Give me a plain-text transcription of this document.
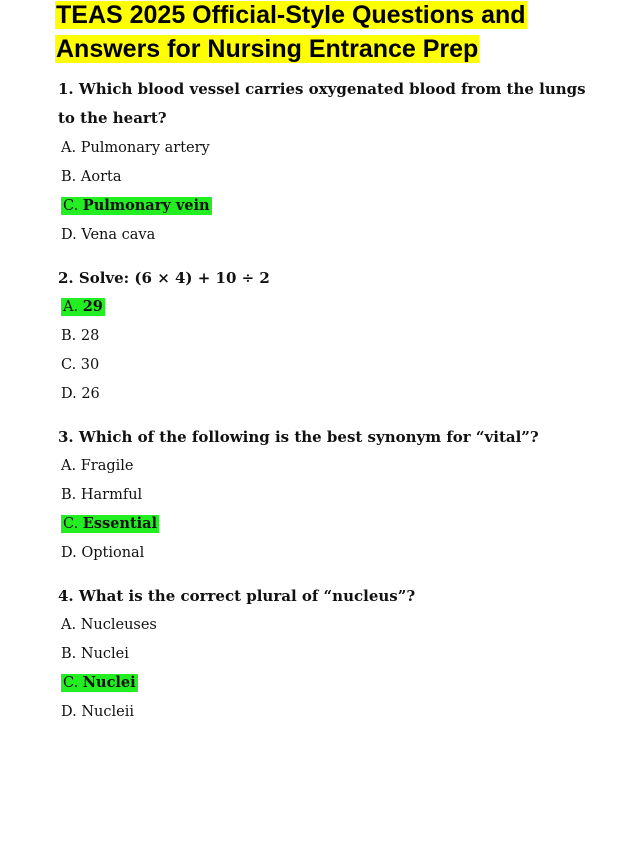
TEAS 2025 Official-Style Questions and
Answers for Nursing Entrance Prep
1. Which blood vessel carries oxygenated blood from the lungs to the heart?
A. Pulmonary artery
B. Aorta
C. Pulmonary vein
D. Vena cava
2. Solve: (6 × 4) + 10 ÷ 2
A. 29
B. 28
C. 30
D. 26
3. Which of the following is the best synonym for “vital”?
A. Fragile
B. Harmful
C. Essential
D. Optional
4. What is the correct plural of “nucleus”?
A. Nucleuses
B. Nuclei
C. Nuclei
D. Nucleii
